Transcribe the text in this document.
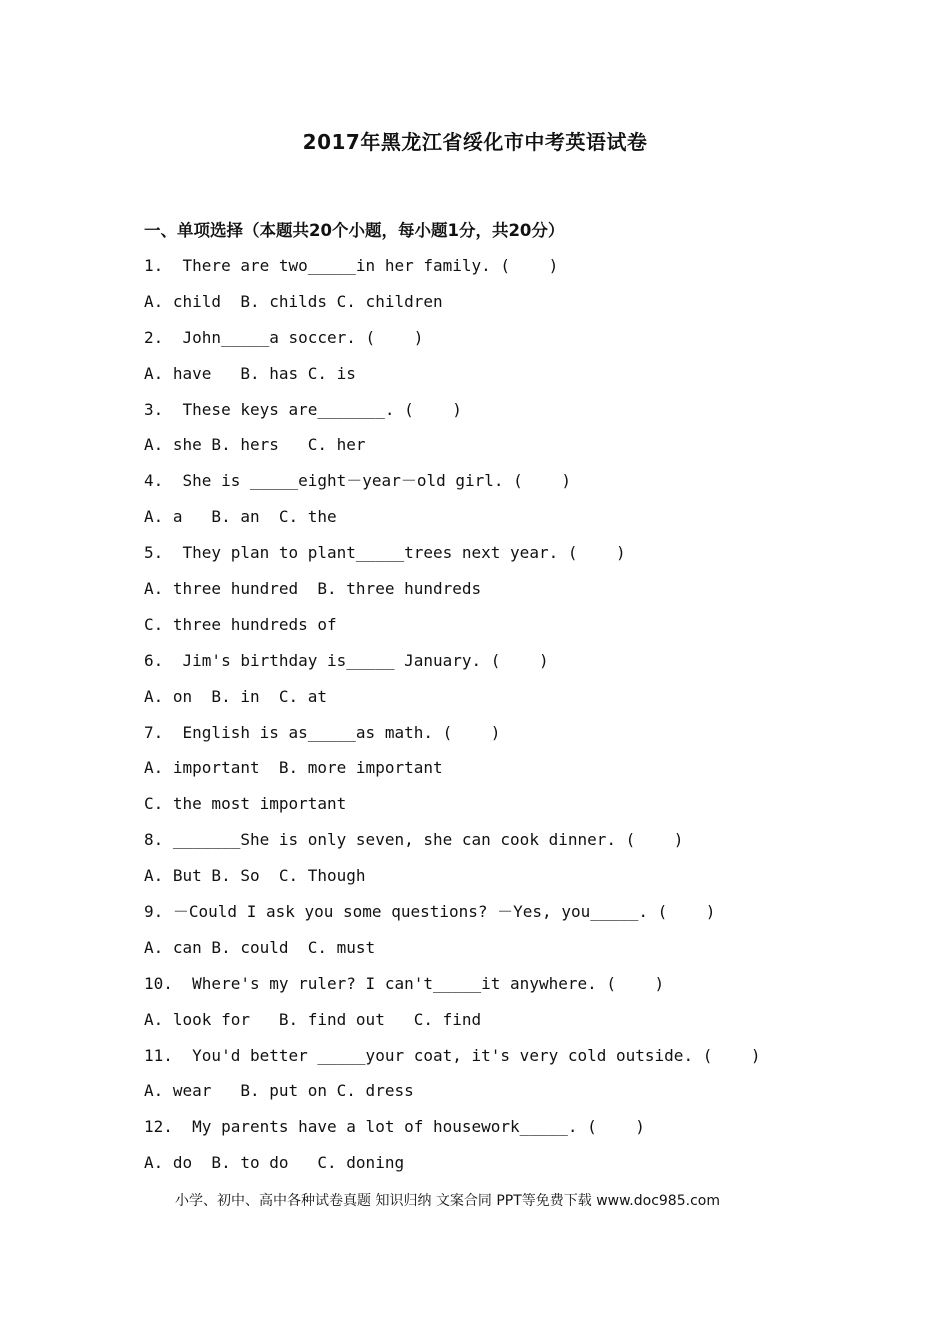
2017年黑龙江省绥化市中考英语试卷
一、单项选择（本题共20个小题，每小题1分，共20分）
1.  There are two_____in her family. (    )
A. child  B. childs C. children
2.  John_____a soccer. (    )
A. have   B. has C. is
3.  These keys are_______. (    )
A. she B. hers   C. her
4.  She is _____eight－year－old girl. (    )
A. a   B. an  C. the
5.  They plan to plant_____trees next year. (    )
A. three hundred  B. three hundreds
C. three hundreds of
6.  Jim's birthday is_____ January. (    )
A. on  B. in  C. at
7.  English is as_____as math. (    )
A. important  B. more important
C. the most important
8. _______She is only seven, she can cook dinner. (    )
A. But B. So  C. Though
9. －Could I ask you some questions? －Yes, you_____. (    )
A. can B. could  C. must
10.  Where's my ruler? I can't_____it anywhere. (    )
A. look for   B. find out   C. find
11.  You'd better _____your coat, it's very cold outside. (    )
A. wear   B. put on C. dress
12.  My parents have a lot of housework_____. (    )
A. do  B. to do   C. doning
小学、初中、高中各种试卷真题 知识归纳 文案合同 PPT等免费下载 www.doc985.com
